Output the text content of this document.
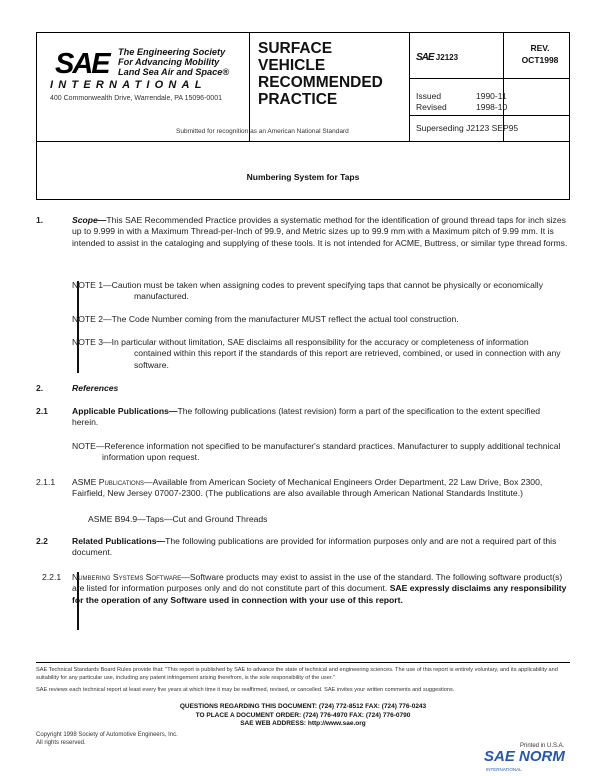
SAE The Engineering Society
For Advancing Mobility
Land Sea Air and Space®
INTERNATIONAL
400 Commonwealth Drive, Warrendale, PA 15096-0001
SURFACE
VEHICLE
RECOMMENDED
PRACTICE
SAE J2123
REV.
OCT1998
Issued	1990-11
Revised	1998-10
Superseding J2123 SEP95
Submitted for recognition as an American National Standard
Numbering System for Taps
1.	Scope—This SAE Recommended Practice provides a systematic method for the identification of ground thread taps for inch sizes up to 9.999 in with a Maximum Thread-per-Inch of 99.9, and Metric sizes up to 99.9 mm with a Maximum pitch of 9.99 mm. It is intended to assist in the cataloging and supplying of these tools. It is not intended for ACME, Buttress, or similar type thread forms.
NOTE 1—Caution must be taken when assigning codes to prevent specifying taps that cannot be physically or economically manufactured.
NOTE 2—The Code Number coming from the manufacturer MUST reflect the actual tool construction.
NOTE 3—In particular without limitation, SAE disclaims all responsibility for the accuracy or completeness of information contained within this report if the standards of this report are retrieved, combined, or used in connection with any software.
2.	References
2.1	Applicable Publications—The following publications (latest revision) form a part of the specification to the extent specified herein.
NOTE—Reference information not specified to be manufacturer's standard practices. Manufacturer to supply additional technical information upon request.
2.1.1 ASME Publications—Available from American Society of Mechanical Engineers Order Department, 22 Law Drive, Box 2300, Fairfield, New Jersey 07007-2300. (The publications are also available through American National Standards Institute.)
ASME B94.9—Taps—Cut and Ground Threads
2.2	Related Publications—The following publications are provided for information purposes only and are not a required part of this document.
2.2.1 Numbering Systems Software—Software products may exist to assist in the use of the standard. The following software product(s) are listed for information purposes only and do not constitute part of this document. SAE expressly disclaims any responsibility for the operation of any Software used in connection with your use of this report.
SAE Technical Standards Board Rules provide that: "This report is published by SAE to advance the state of technical and engineering sciences. The use of this report is entirely voluntary, and its applicability and suitability for any particular use, including any patent infringement arising therefrom, is the sole responsibility of the user."
SAE reviews each technical report at least every five years at which time it may be reaffirmed, revised, or cancelled. SAE invites your written comments and suggestions.
QUESTIONS REGARDING THIS DOCUMENT: (724) 772-8512 FAX: (724) 776-0243
TO PLACE A DOCUMENT ORDER: (724) 776-4970 FAX: (724) 776-0790
SAE WEB ADDRESS: http://www.sae.org
Copyright 1998 Society of Automotive Engineers, Inc.
All rights reserved.	Printed in U.S.A.
SAE NORM
INTERNATIONAL
